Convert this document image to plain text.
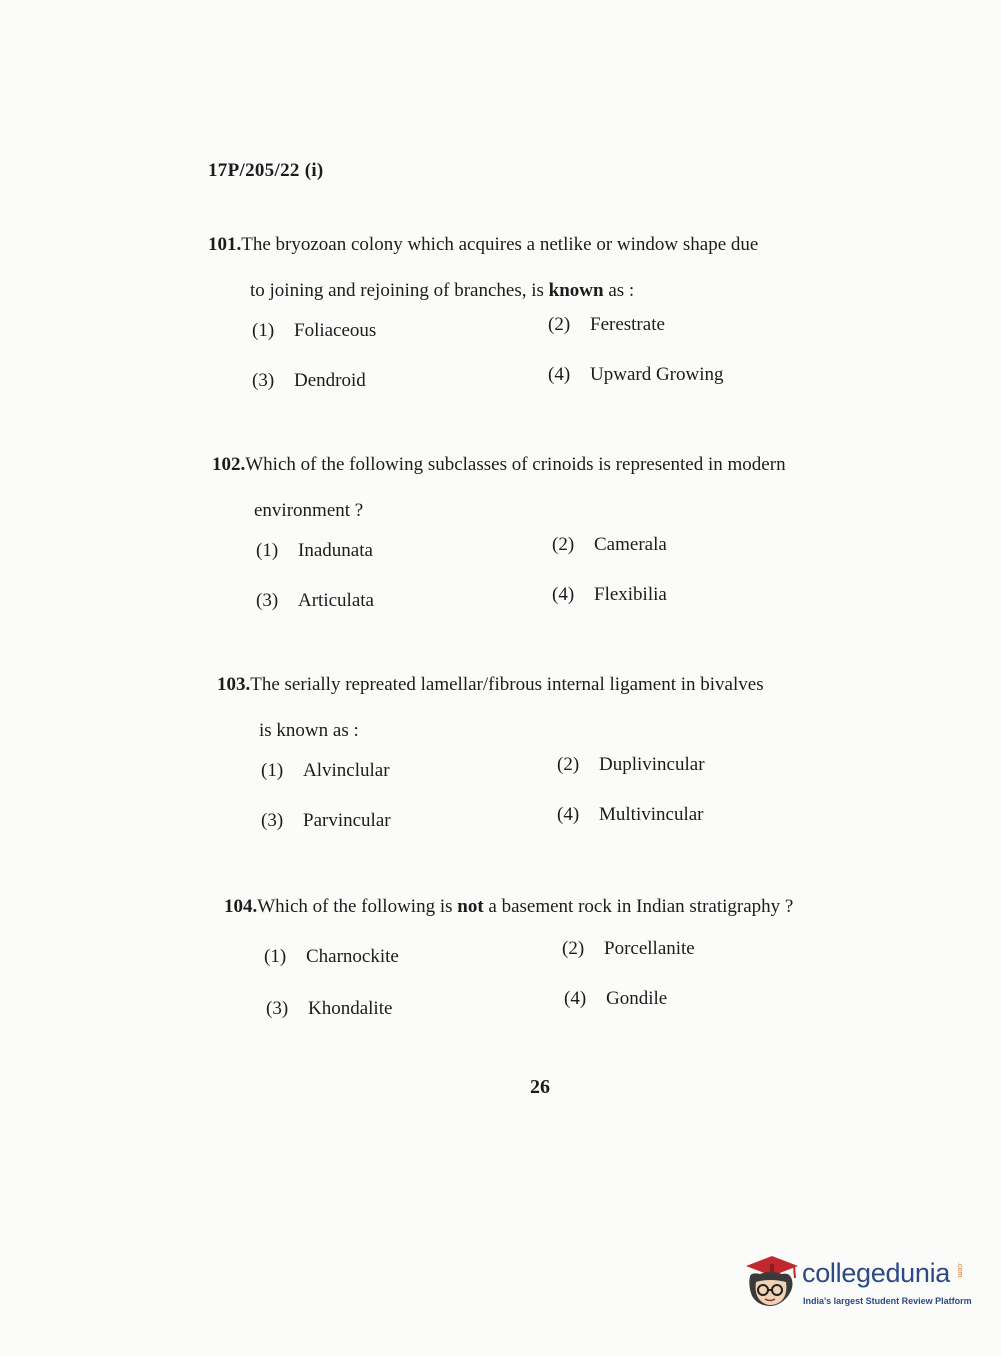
17P/205/22 (i)
101.The bryozoan colony which acquires a netlike or window shape due
to joining and rejoining of branches, is known as :
(1) Foliaceous	(2) Ferestrate
(3) Dendroid	(4) Upward Growing
102.Which of the following subclasses of crinoids is represented in modern
environment ?
(1) Inadunata	(2) Camerala
(3) Articulata	(4) Flexibilia
103.The serially repreated lamellar/fibrous internal ligament in bivalves
is known as :
(1) Alvinclular	(2) Duplivincular
(3) Parvincular	(4) Multivincular
104.Which of the following is not a basement rock in Indian stratigraphy ?
(1) Charnockite	(2) Porcellanite
(3) Khondalite	(4) Gondile
26
collegedunia .com
India's largest Student Review Platform
